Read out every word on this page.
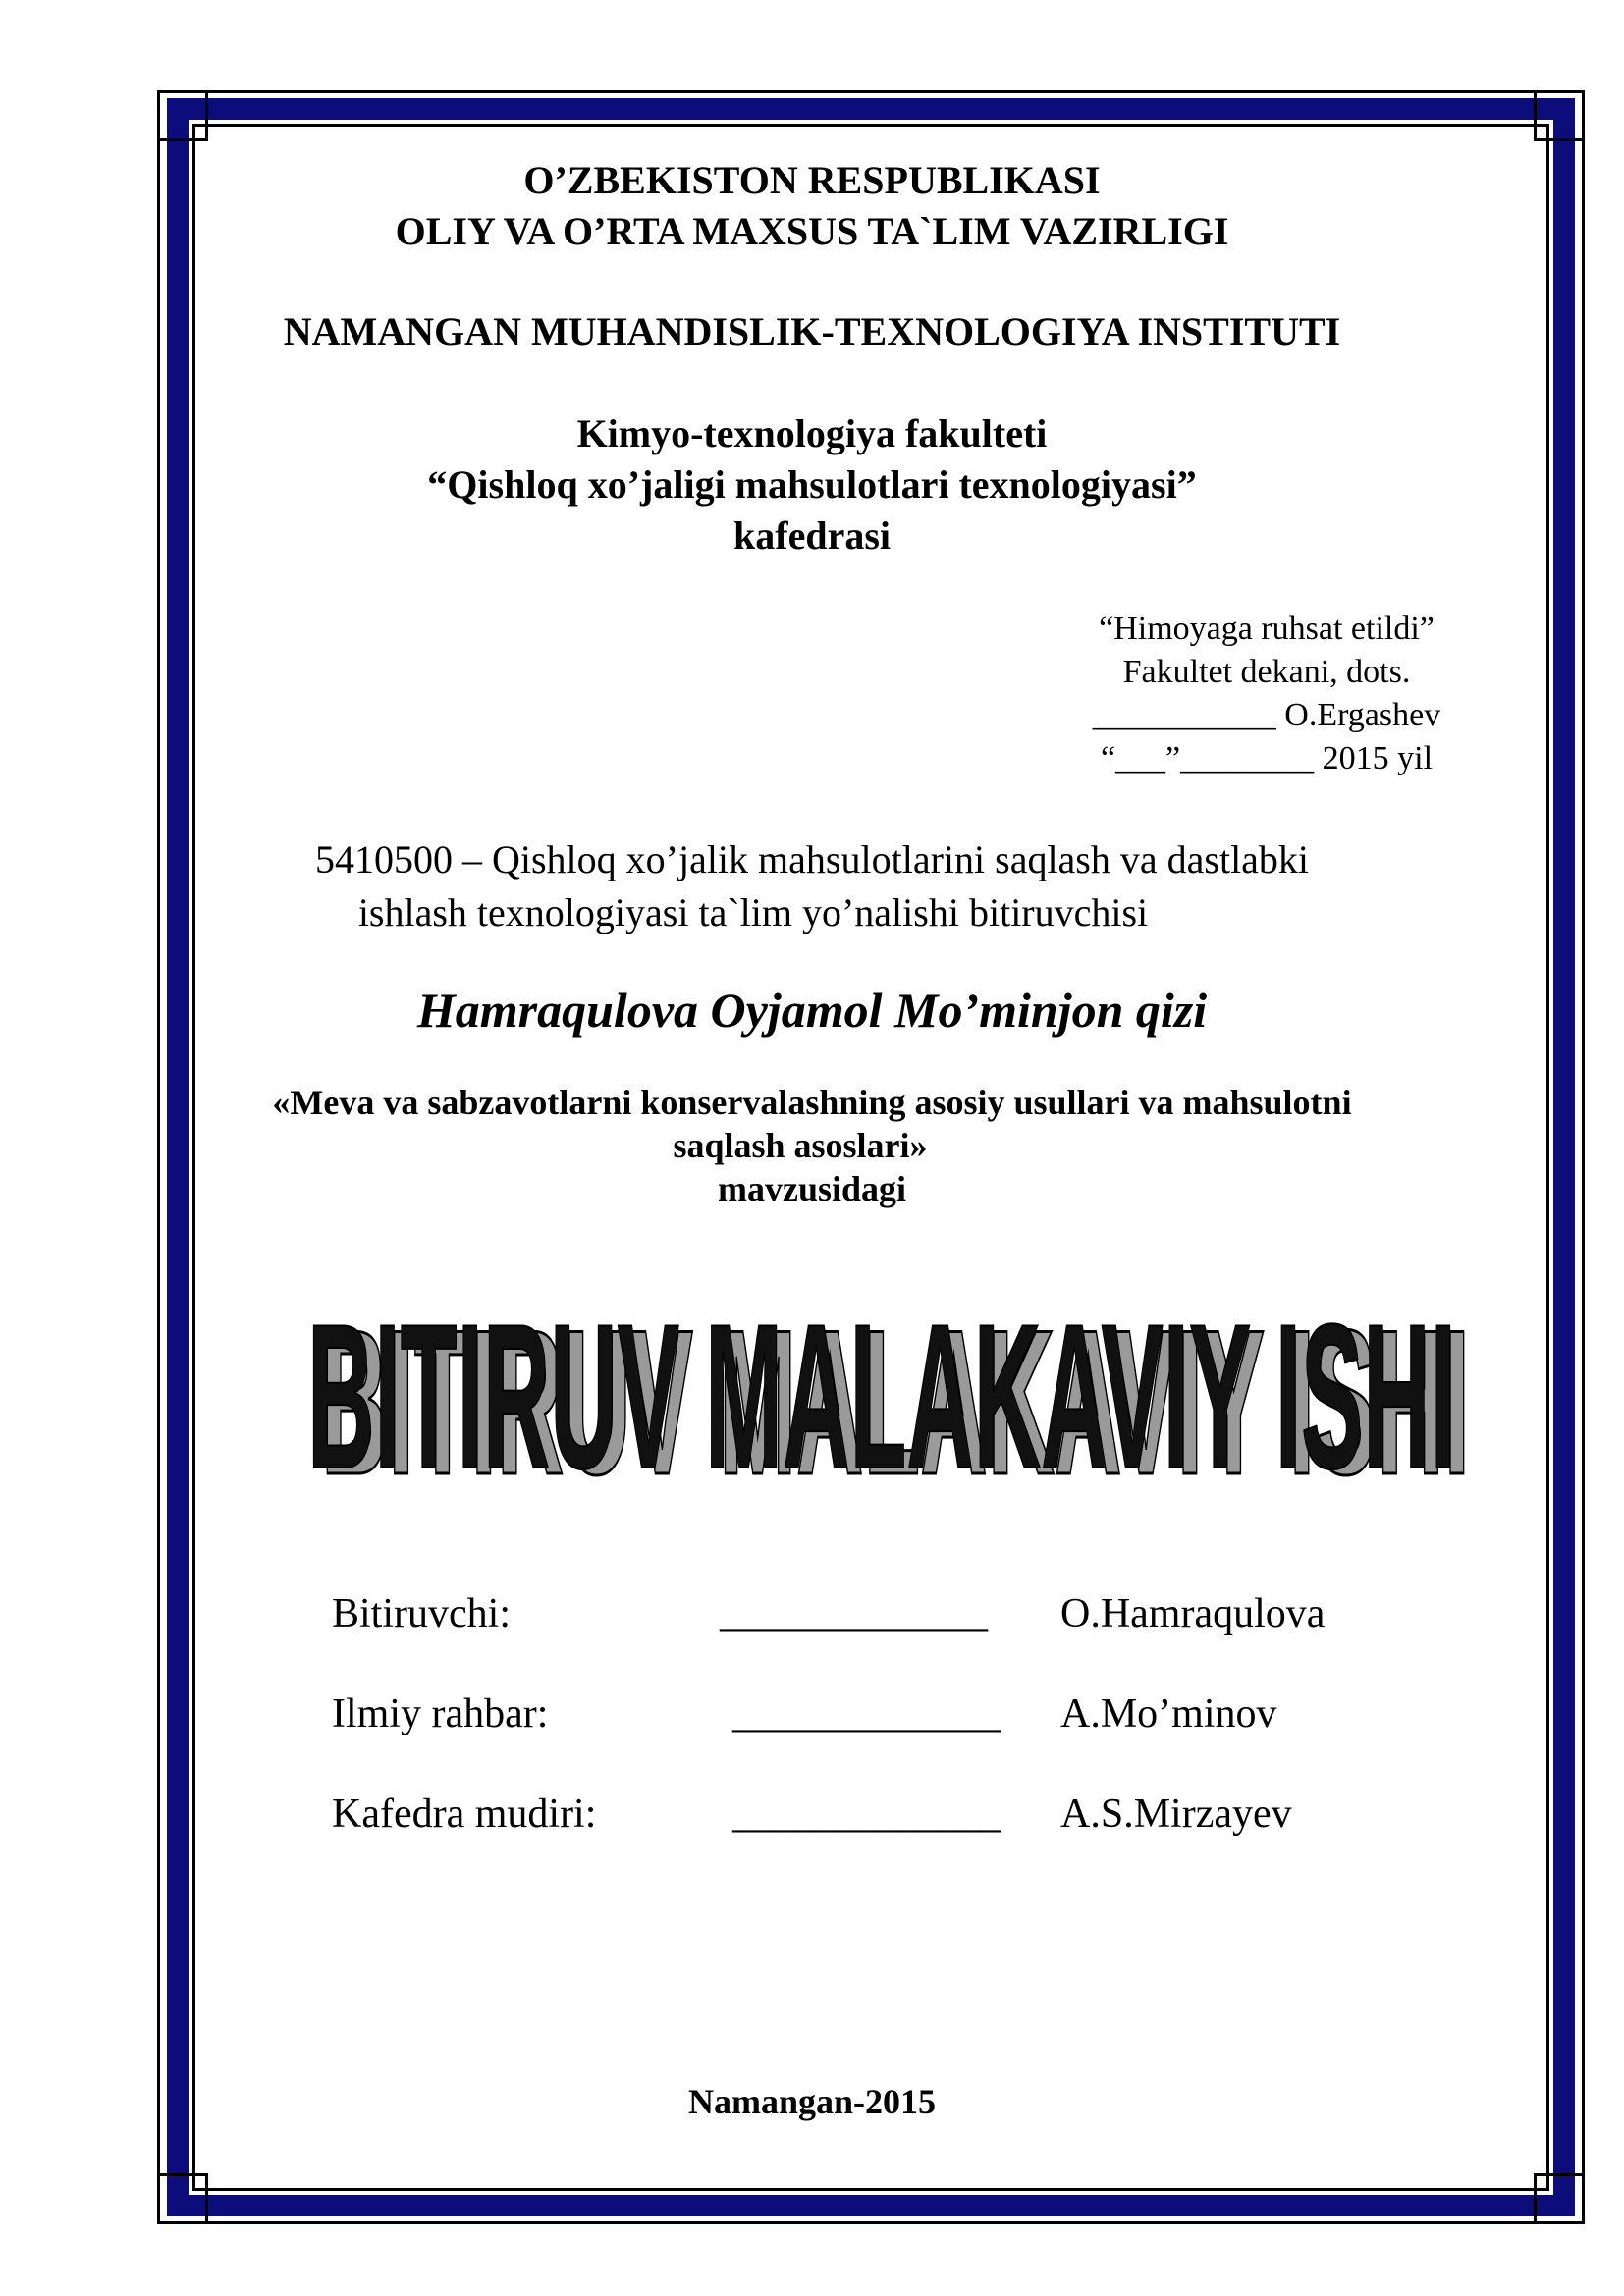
O’ZBEKISTON RESPUBLIKASI
OLIY VA O’RTA MAXSUS TA`LIM VAZIRLIGI
NAMANGAN MUHANDISLIK-TEXNOLOGIYA INSTITUTI
Kimyo-texnologiya fakulteti
“Qishloq xo’jaligi mahsulotlari texnologiyasi”
kafedrasi
“Himoyaga ruhsat etildi”
Fakultet dekani, dots.
___________ O.Ergashev
“___”________ 2015 yil
5410500 – Qishloq xo’jalik mahsulotlarini saqlash va dastlabki
ishlash texnologiyasi ta`lim yo’nalishi bitiruvchisi
Hamraqulova Oyjamol Mo’minjon qizi
«Meva va sabzavotlarni konservalashning asosiy usullari va mahsulotni
saqlash asoslari»
mavzusidagi
BITIRUV MALAKAVIY ISHI
BITIRUV MALAKAVIY ISHI
Bitiruvchi:	_____________ O.Hamraqulova
Ilmiy rahbar:	_____________ A.Mo’minov
Kafedra mudiri:	_____________ A.S.Mirzayev
Namangan-2015
